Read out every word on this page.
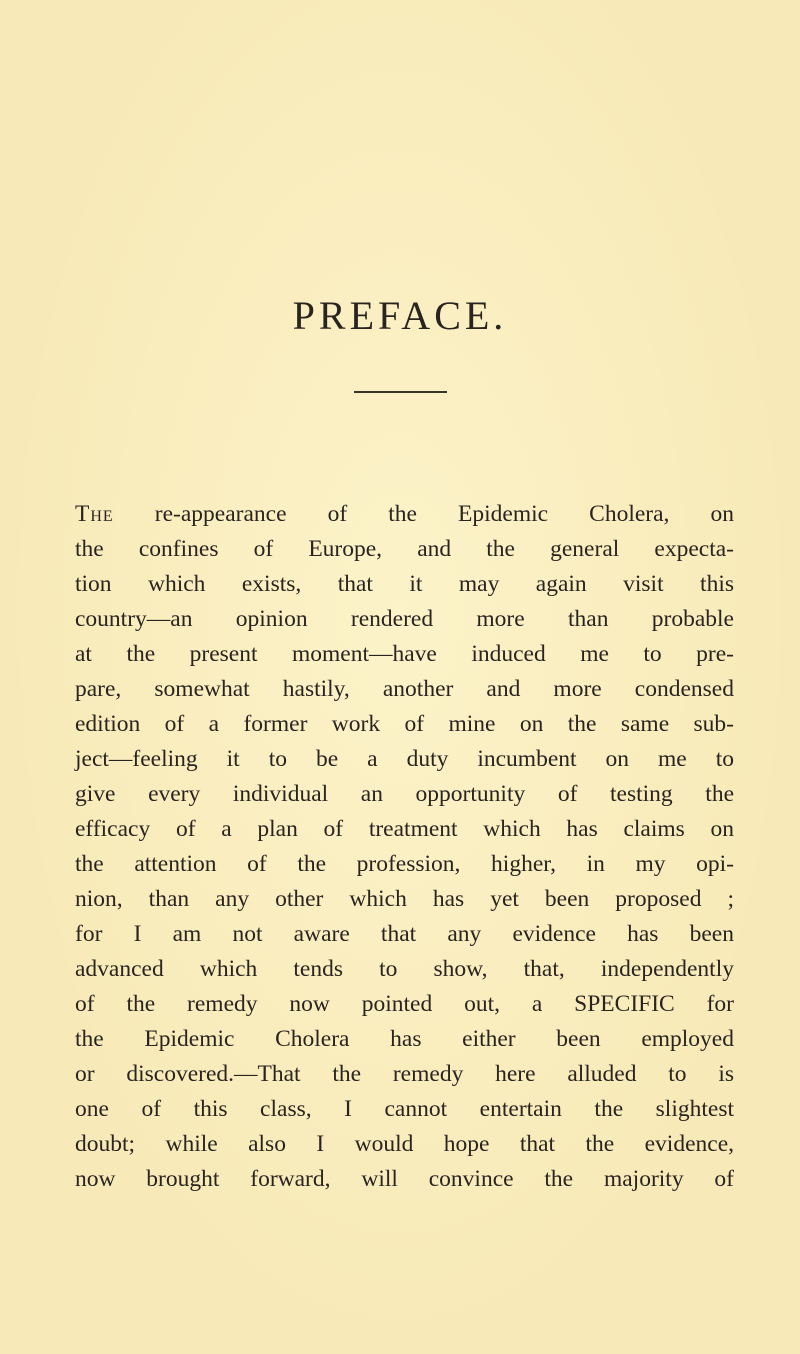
PREFACE.
The re-appearance of the Epidemic Cholera, on
the confines of Europe, and the general expecta-
tion which exists, that it may again visit this
country—an opinion rendered more than probable
at the present moment—have induced me to pre-
pare, somewhat hastily, another and more condensed
edition of a former work of mine on the same sub-
ject—feeling it to be a duty incumbent on me to
give every individual an opportunity of testing the
efficacy of a plan of treatment which has claims on
the attention of the profession, higher, in my opi-
nion, than any other which has yet been proposed ;
for I am not aware that any evidence has been
advanced which tends to show, that, independently
of the remedy now pointed out, a SPECIFIC for
the Epidemic Cholera has either been employed
or discovered.—That the remedy here alluded to is
one of this class, I cannot entertain the slightest
doubt; while also I would hope that the evidence,
now brought forward, will convince the majority of
